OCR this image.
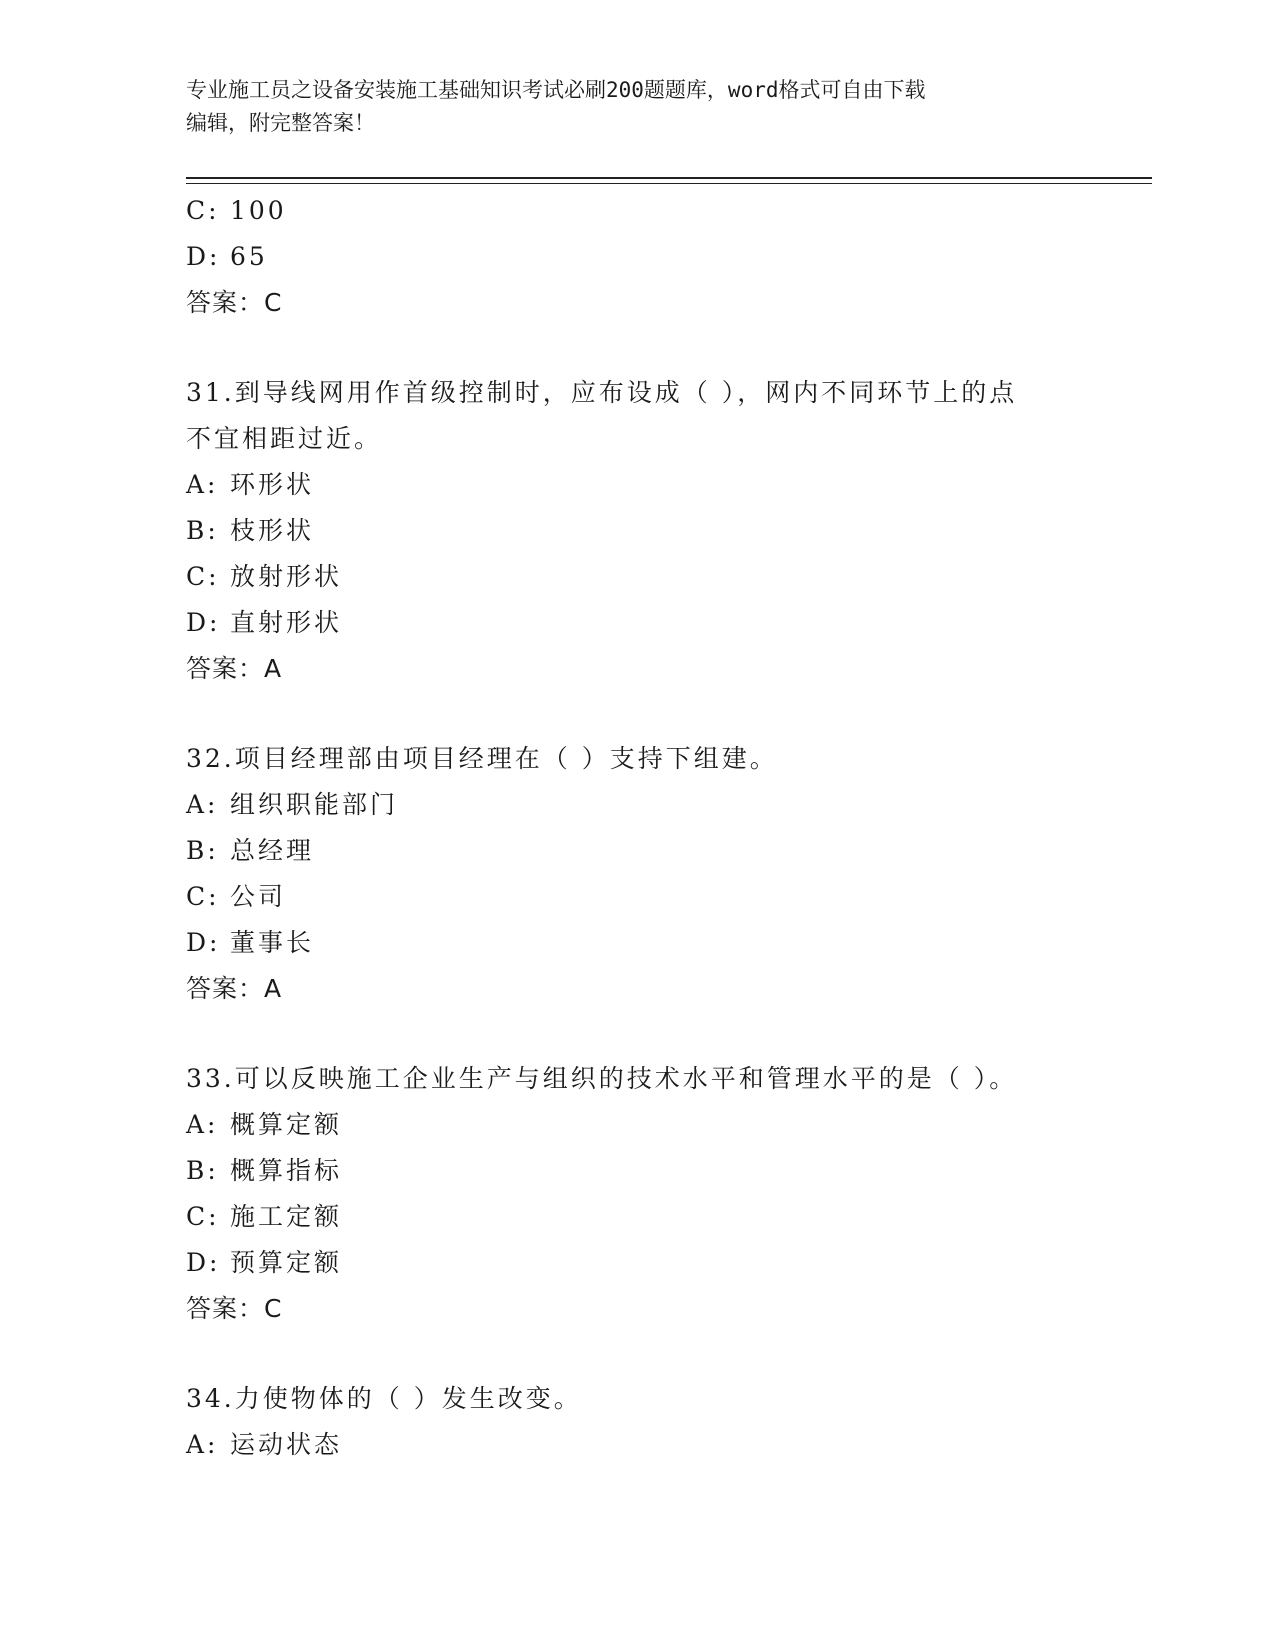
专业施工员之设备安装施工基础知识考试必刷200题题库，word格式可自由下载
编辑，附完整答案！
C: 100
D: 65
答案：C
31.到导线网用作首级控制时，应布设成（ ），网内不同环节上的点
不宜相距过近。
A: 环形状
B: 枝形状
C: 放射形状
D: 直射形状
答案：A
32.项目经理部由项目经理在（ ）支持下组建。
A: 组织职能部门
B: 总经理
C: 公司
D: 董事长
答案：A
33.可以反映施工企业生产与组织的技术水平和管理水平的是（ ）。
A: 概算定额
B: 概算指标
C: 施工定额
D: 预算定额
答案：C
34.力使物体的（ ）发生改变。
A: 运动状态
